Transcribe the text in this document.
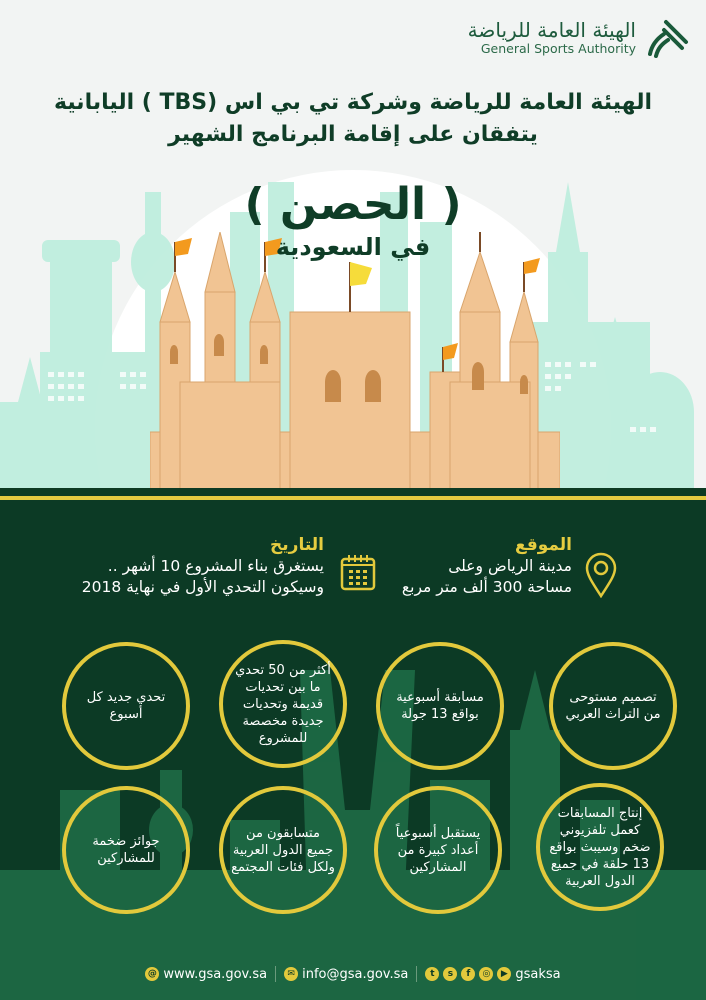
الهيئة العامة للرياضة
General Sports Authority
الهيئة العامة للرياضة وشركة تي بي اس (TBS ) اليابانية
يتفقان على إقامة البرنامج الشهير
( الحصن )
في السعودية
الموقع
مدينة الرياض وعلى
مساحة 300 ألف متر مربع
التاريخ
يستغرق بناء المشروع 10 أشهر ..
وسيكون التحدي الأول في نهاية 2018
تصميم مستوحى من التراث العربي
مسابقة أسبوعية بواقع 13 جولة
أكثر من 50 تحدي ما بين تحديات قديمة وتحديات جديدة مخصصة للمشروع
تحدي جديد كل أسبوع
إنتاج المسابقات كعمل تلفزيوني ضخم وسيبث بواقع 13 حلقة في جميع الدول العربية
يستقبل أسبوعياً أعداد كبيرة من المشاركين
متسابقون من جميع الدول العربية ولكل فئات المجتمع
جوائز ضخمة للمشاركين
@ www.gsa.gov.sa	✉ info@gsa.gov.sa	t	s	f	◎	▶ gsaksa
